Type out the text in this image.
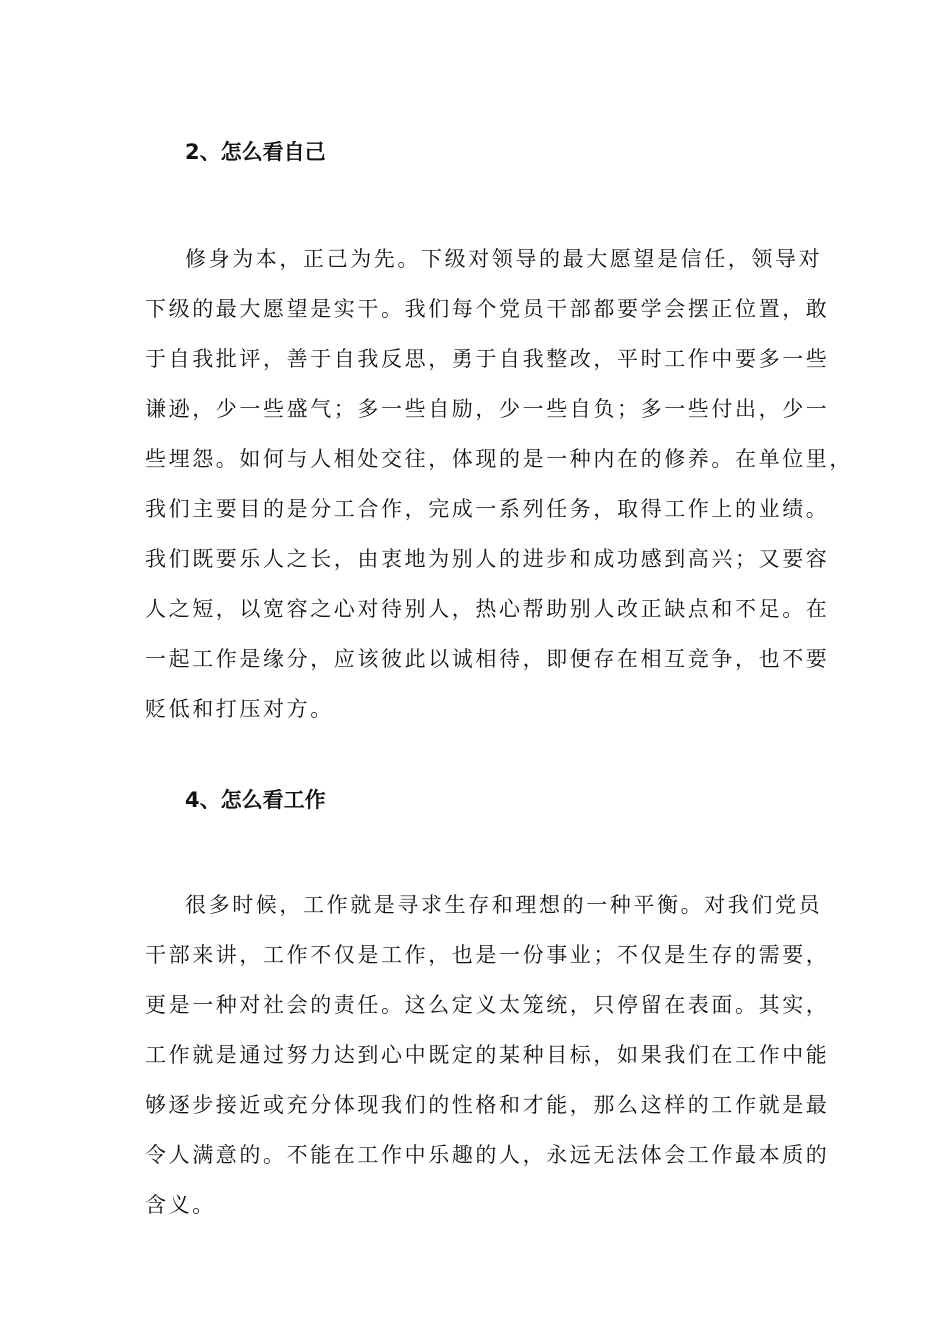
2、怎么看自己
修身为本，正己为先。下级对领导的最大愿望是信任，领导对
下级的最大愿望是实干。我们每个党员干部都要学会摆正位置，敢
于自我批评，善于自我反思，勇于自我整改，平时工作中要多一些
谦逊，少一些盛气；多一些自励，少一些自负；多一些付出，少一
些埋怨。如何与人相处交往，体现的是一种内在的修养。在单位里，
我们主要目的是分工合作，完成一系列任务，取得工作上的业绩。
我们既要乐人之长，由衷地为别人的进步和成功感到高兴；又要容
人之短，以宽容之心对待别人，热心帮助别人改正缺点和不足。在
一起工作是缘分，应该彼此以诚相待，即便存在相互竞争，也不要
贬低和打压对方。
4、怎么看工作
很多时候，工作就是寻求生存和理想的一种平衡。对我们党员
干部来讲，工作不仅是工作，也是一份事业；不仅是生存的需要，
更是一种对社会的责任。这么定义太笼统，只停留在表面。其实，
工作就是通过努力达到心中既定的某种目标，如果我们在工作中能
够逐步接近或充分体现我们的性格和才能，那么这样的工作就是最
令人满意的。不能在工作中乐趣的人，永远无法体会工作最本质的
含义。
